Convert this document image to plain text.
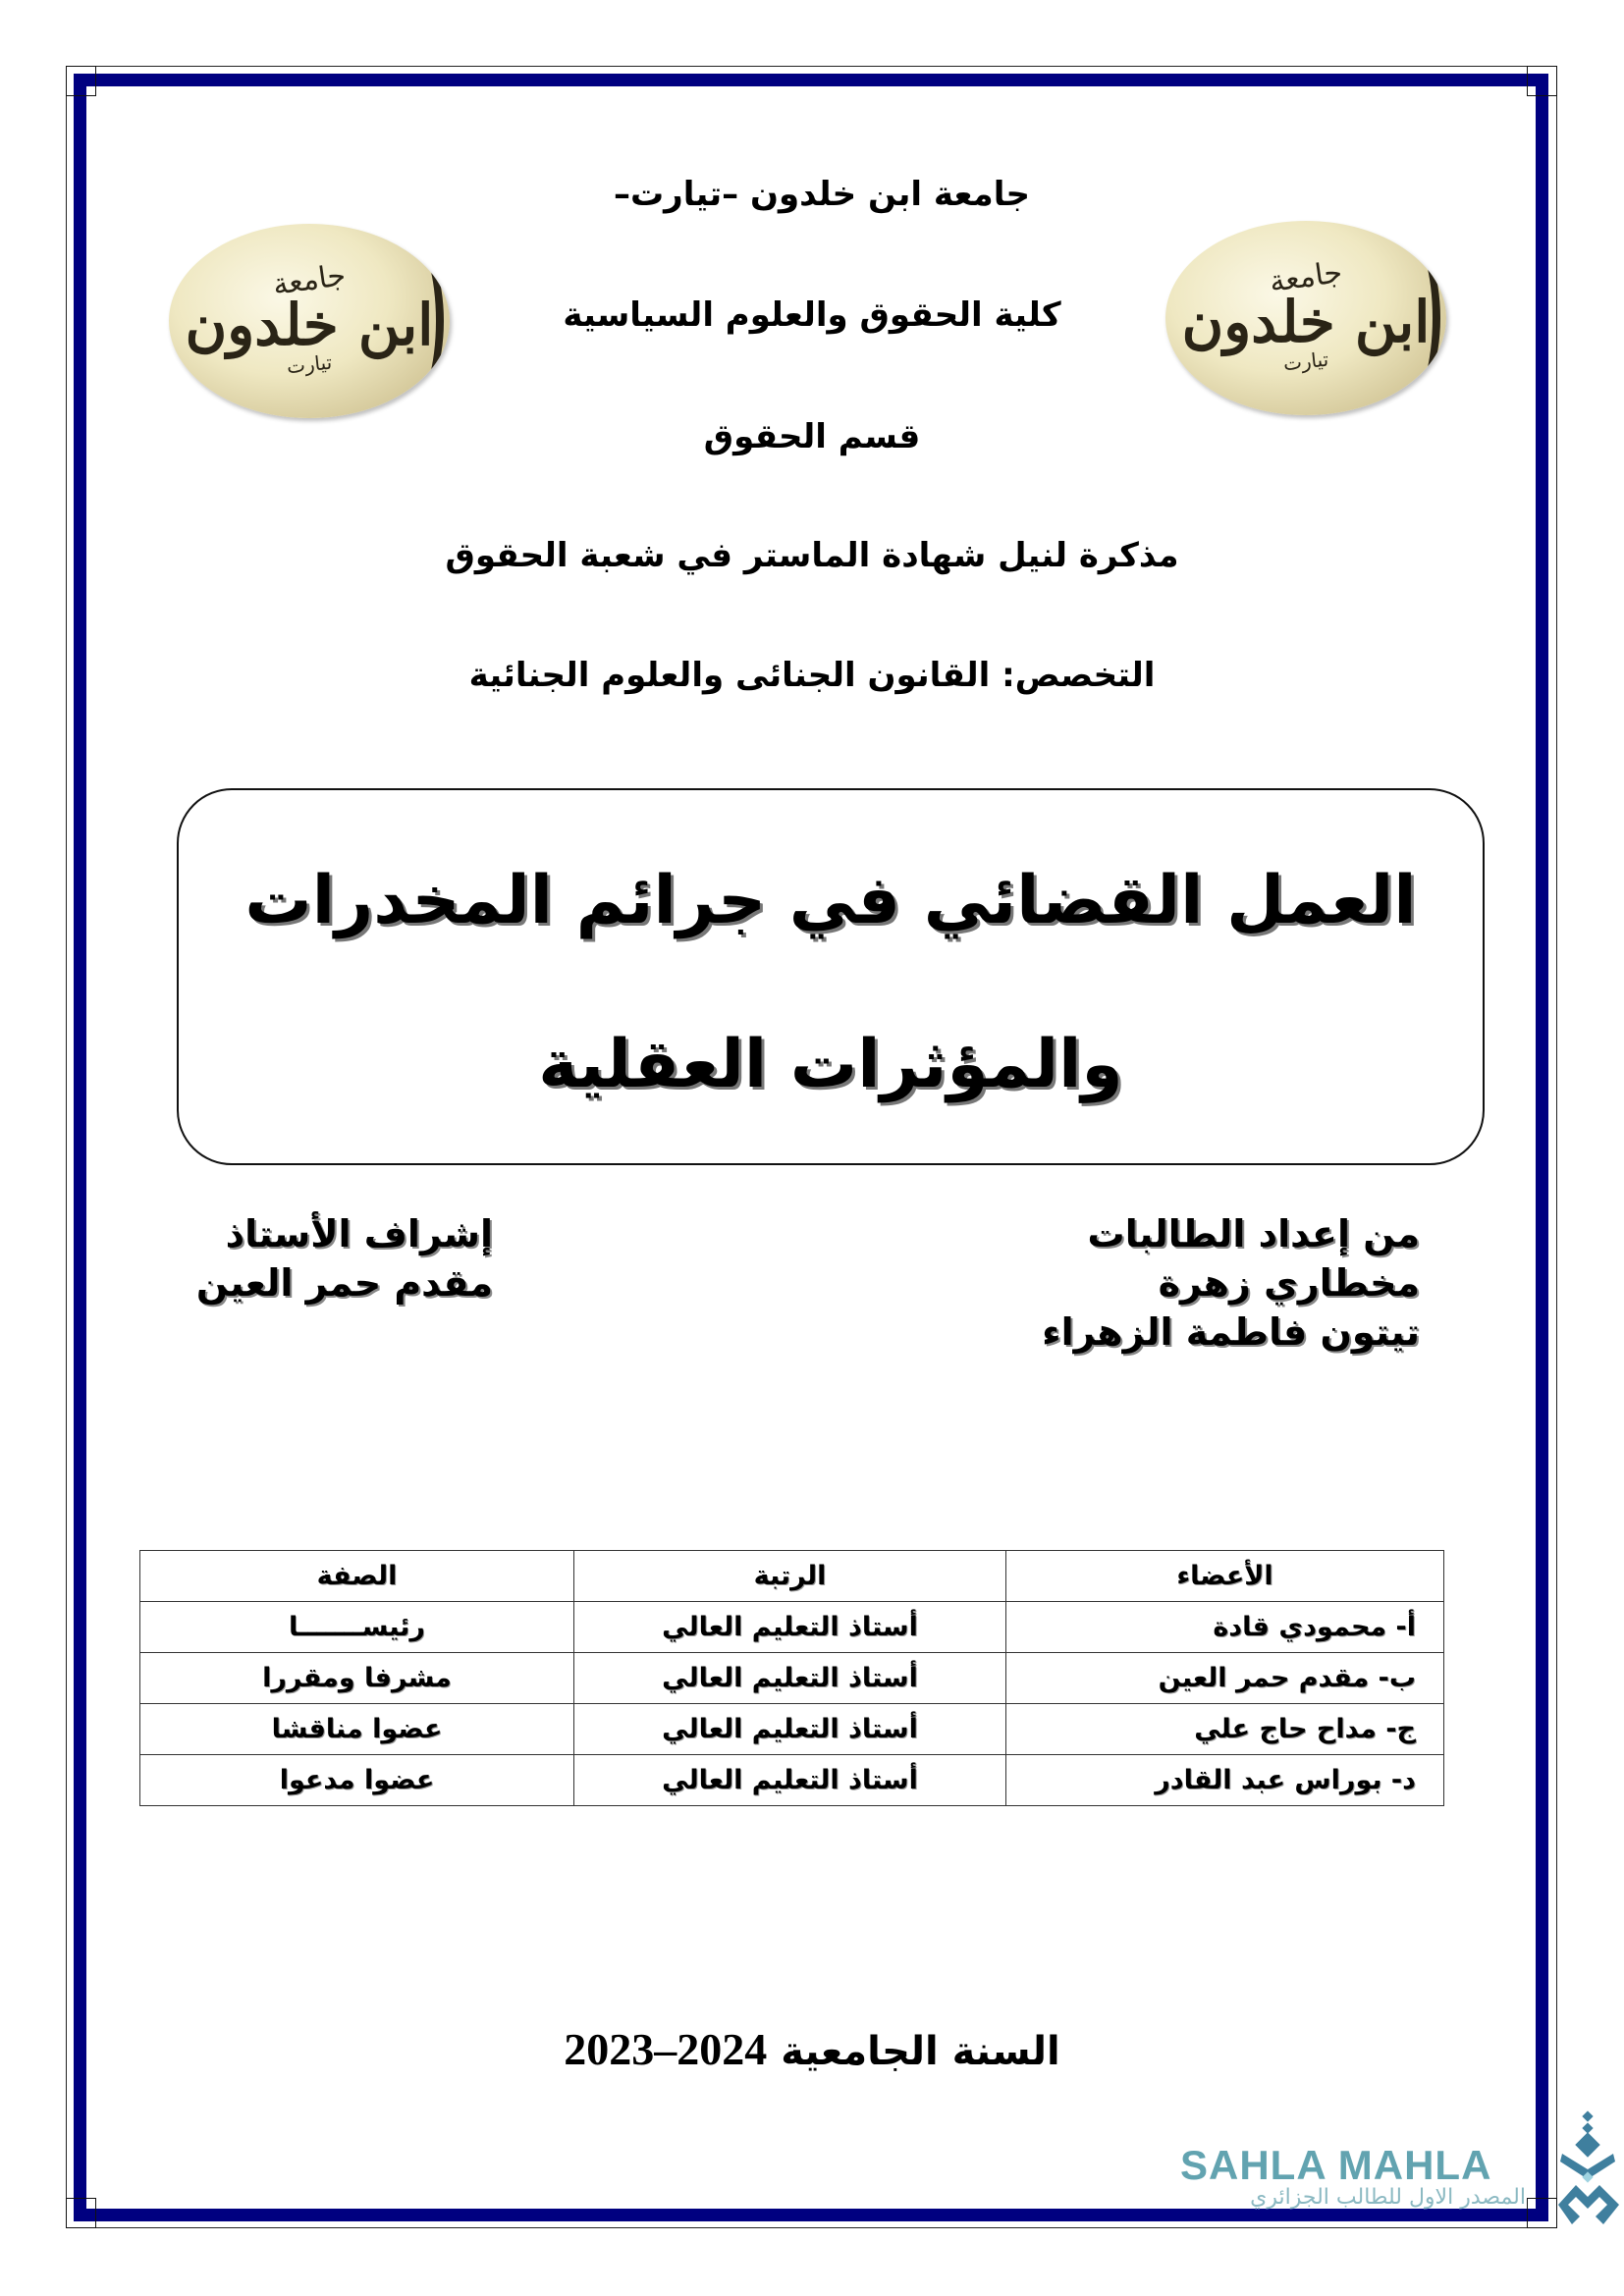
جامعة
ابن خلدون
تيارت
جامعة
ابن خلدون
تيارت
جامعة ابن خلدون –تيارت–
كلية الحقوق والعلوم السياسية
قسم الحقوق
مذكرة لنيل شهادة الماستر في شعبة الحقوق
التخصص: القانون الجنائى والعلوم الجنائية
العمل القضائي في جرائم المخدرات
والمؤثرات العقلية
من إعداد الطالبات
مخطاري زهرة
تيتون فاطمة الزهراء
إشراف الأستاذ
مقدم حمر العين
الأعضاء	الرتبة	الصفة
أ- محمودي قادة	أستاذ التعليم العالي	رئيســـــــا
ب- مقدم حمر العين	أستاذ التعليم العالي	مشرفا ومقررا
ج- مداح حاج علي	أستاذ التعليم العالي	عضوا مناقشا
د- بوراس عبد القادر	أستاذ التعليم العالي	عضوا مدعوا
السنة الجامعية 2023–2024
SAHLA MAHLA
المصدر الاول للطالب الجزائري
